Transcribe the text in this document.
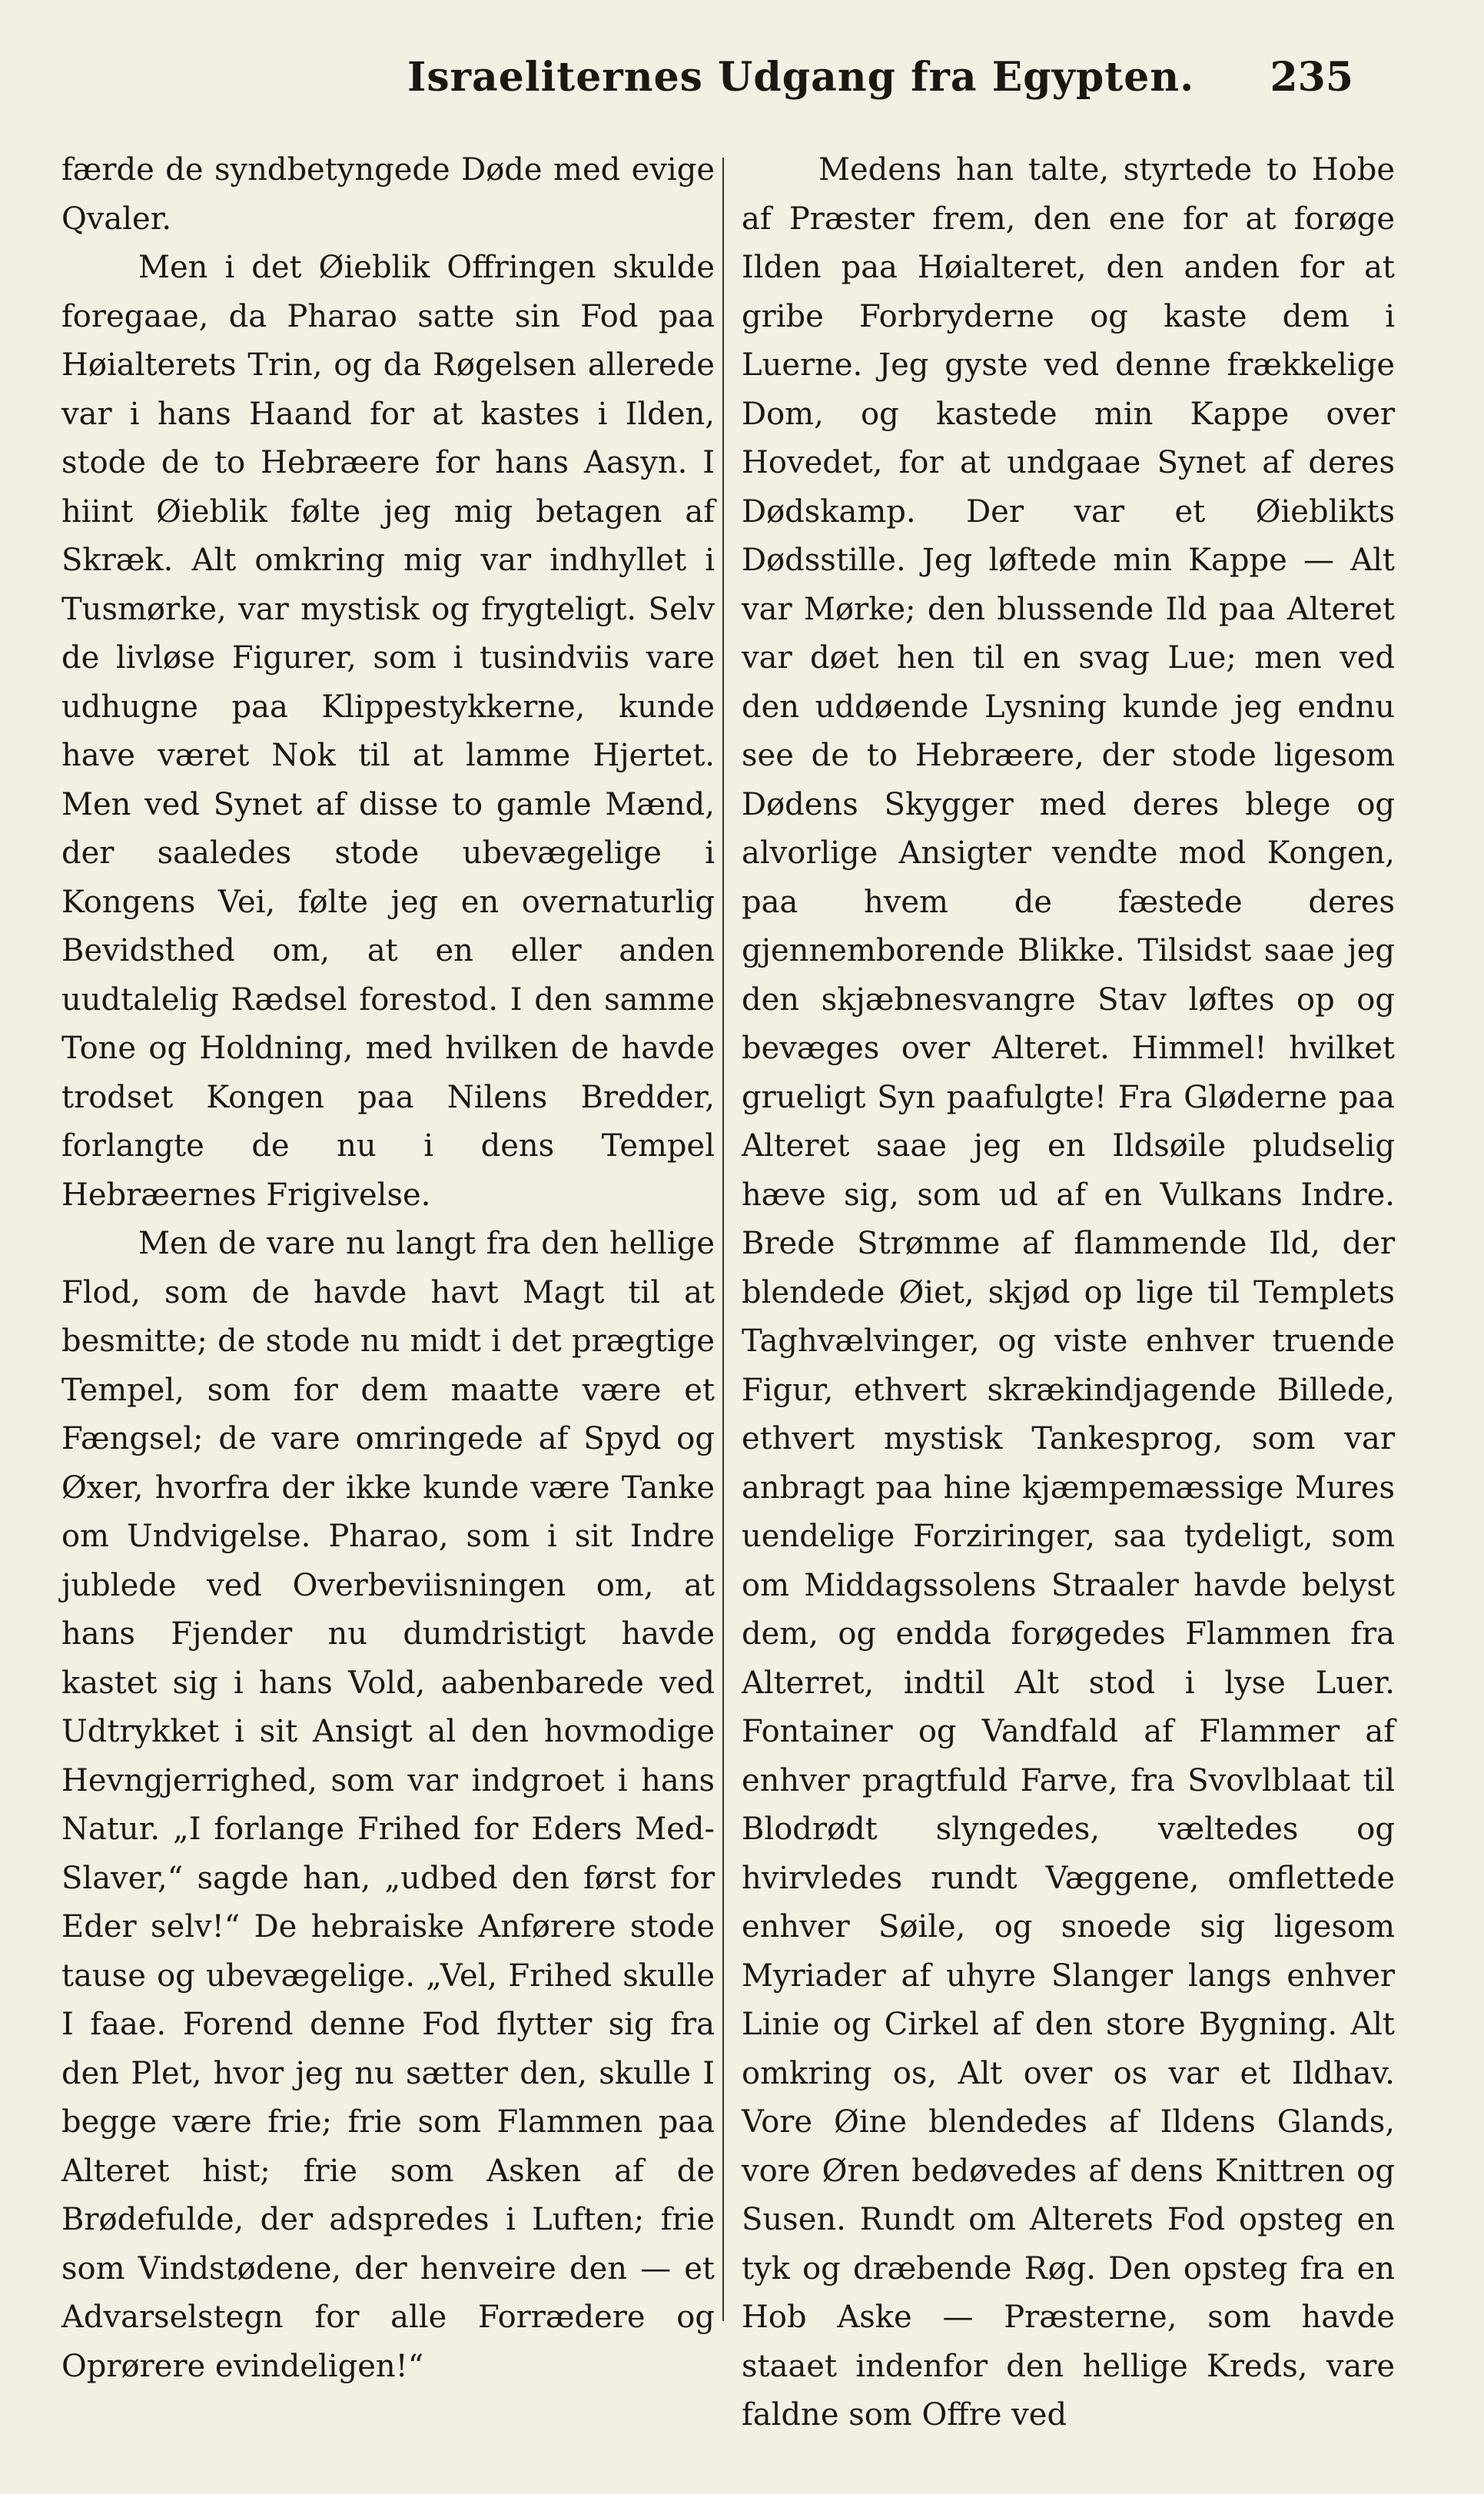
Israeliternes Udgang fra Egypten. 235

færde de syndbetyngede Døde med evige Qvaler.

Men i det Øieblik Offringen skulde foregaae, da Pharao satte sin Fod paa Høialterets Trin, og da Røgelsen allerede var i hans Haand for at kastes i Ilden, stode de to Hebræere for hans Aasyn. I hiint Øieblik følte jeg mig betagen af Skræk. Alt omkring mig var indhyllet i Tusmørke, var mystisk og frygteligt. Selv de livløse Figurer, som i tusindviis vare udhugne paa Klippestykkerne, kunde have været Nok til at lamme Hjertet. Men ved Synet af disse to gamle Mænd, der saaledes stode ubevægelige i Kongens Vei, følte jeg en overnaturlig Bevidsthed om, at en eller anden uudtalelig Rædsel forestod. I den samme Tone og Holdning, med hvilken de havde trodset Kongen paa Nilens Bredder, forlangte de nu i dens Tempel Hebræernes Frigivelse.

Men de vare nu langt fra den hellige Flod, som de havde havt Magt til at besmitte; de stode nu midt i det prægtige Tempel, som for dem maatte være et Fængsel; de vare omringede af Spyd og Øxer, hvorfra der ikke kunde være Tanke om Undvigelse. Pharao, som i sit Indre jublede ved Overbeviisningen om, at hans Fjender nu dumdristigt havde kastet sig i hans Vold, aabenbarede ved Udtrykket i sit Ansigt al den hovmodige Hevngjerrighed, som var indgroet i hans Natur. „I forlange Frihed for Eders Med-Slaver,“ sagde han, „udbed den først for Eder selv!“ De hebraiske Anførere stode tause og ubevægelige. „Vel, Frihed skulle I faae. Forend denne Fod flytter sig fra den Plet, hvor jeg nu sætter den, skulle I begge være frie; frie som Flammen paa Alteret hist; frie som Asken af de Brødefulde, der adspredes i Luften; frie som Vindstødene, der henveire den — et Advarselstegn for alle Forrædere og Oprørere evindeligen!“

Medens han talte, styrtede to Hobe af Præster frem, den ene for at forøge Ilden paa Høialteret, den anden for at gribe Forbryderne og kaste dem i Luerne. Jeg gyste ved denne frækkelige Dom, og kastede min Kappe over Hovedet, for at undgaae Synet af deres Dødskamp. Der var et Øieblikts Dødsstille. Jeg løftede min Kappe — Alt var Mørke; den blussende Ild paa Alteret var døet hen til en svag Lue; men ved den uddøende Lysning kunde jeg endnu see de to Hebræere, der stode ligesom Dødens Skygger med deres blege og alvorlige Ansigter vendte mod Kongen, paa hvem de fæstede deres gjennemborende Blikke. Tilsidst saae jeg den skjæbnesvangre Stav løftes op og bevæges over Alteret. Himmel! hvilket grueligt Syn paafulgte! Fra Gløderne paa Alteret saae jeg en Ildsøile pludselig hæve sig, som ud af en Vulkans Indre. Brede Strømme af flammende Ild, der blendede Øiet, skjød op lige til Templets Taghvælvinger, og viste enhver truende Figur, ethvert skrækindjagende Billede, ethvert mystisk Tankesprog, som var anbragt paa hine kjæmpemæssige Mures uendelige Forziringer, saa tydeligt, som om Middagssolens Straaler havde belyst dem, og endda forøgedes Flammen fra Alterret, indtil Alt stod i lyse Luer. Fontainer og Vandfald af Flammer af enhver pragtfuld Farve, fra Svovlblaat til Blodrødt slyngedes, væltedes og hvirvledes rundt Væggene, omflettede enhver Søile, og snoede sig ligesom Myriader af uhyre Slanger langs enhver Linie og Cirkel af den store Bygning. Alt omkring os, Alt over os var et Ildhav. Vore Øine blendedes af Ildens Glands, vore Øren bedøvedes af dens Knittren og Susen. Rundt om Alterets Fod opsteg en tyk og dræbende Røg. Den opsteg fra en Hob Aske — Præsterne, som havde staaet indenfor den hellige Kreds, vare faldne som Offre ved
